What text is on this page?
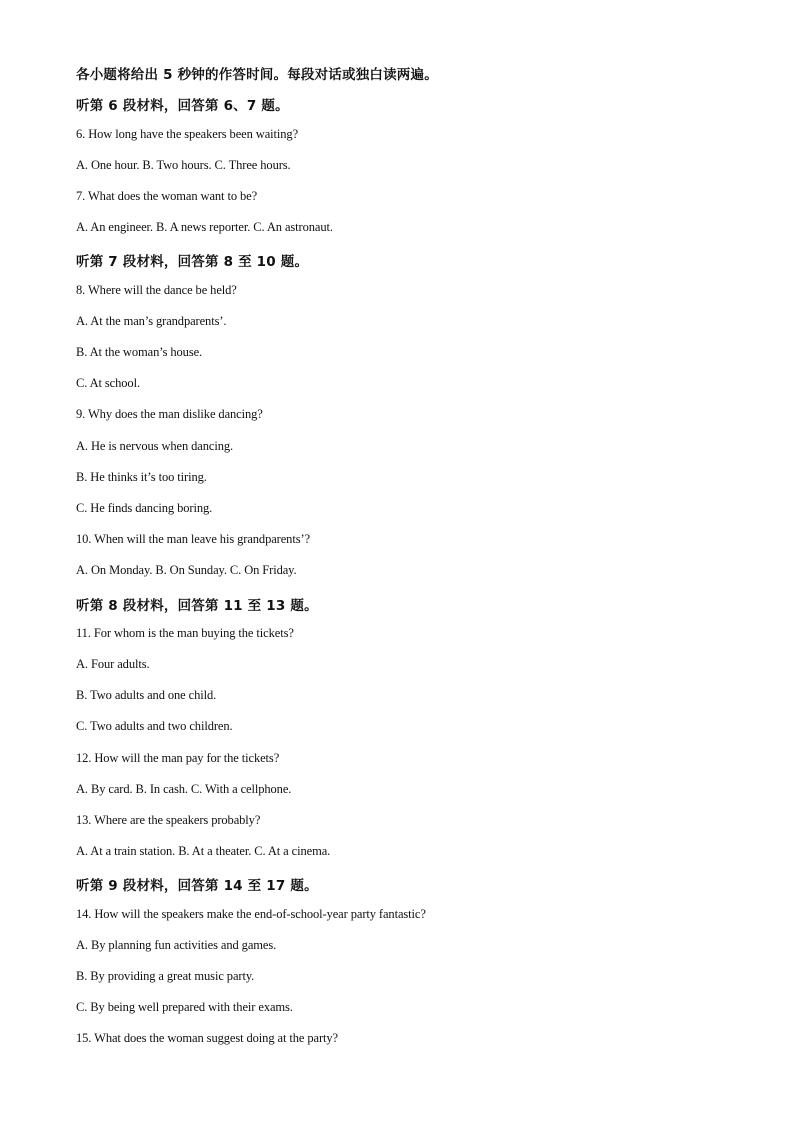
各小题将给出 5 秒钟的作答时间。每段对话或独白读两遍。
听第 6 段材料，回答第 6、7 题。
6. How long have the speakers been waiting?
A. One hour. B. Two hours. C. Three hours.
7. What does the woman want to be?
A. An engineer. B. A news reporter. C. An astronaut.
听第 7 段材料，回答第 8 至 10 题。
8. Where will the dance be held?
A. At the man’s grandparents’.
B. At the woman’s house.
C. At school.
9. Why does the man dislike dancing?
A. He is nervous when dancing.
B. He thinks it’s too tiring.
C. He finds dancing boring.
10. When will the man leave his grandparents’?
A. On Monday. B. On Sunday. C. On Friday.
听第 8 段材料，回答第 11 至 13 题。
11. For whom is the man buying the tickets?
A. Four adults.
B. Two adults and one child.
C. Two adults and two children.
12. How will the man pay for the tickets?
A. By card. B. In cash. C. With a cellphone.
13. Where are the speakers probably?
A. At a train station. B. At a theater. C. At a cinema.
听第 9 段材料，回答第 14 至 17 题。
14. How will the speakers make the end-of-school-year party fantastic?
A. By planning fun activities and games.
B. By providing a great music party.
C. By being well prepared with their exams.
15. What does the woman suggest doing at the party?
